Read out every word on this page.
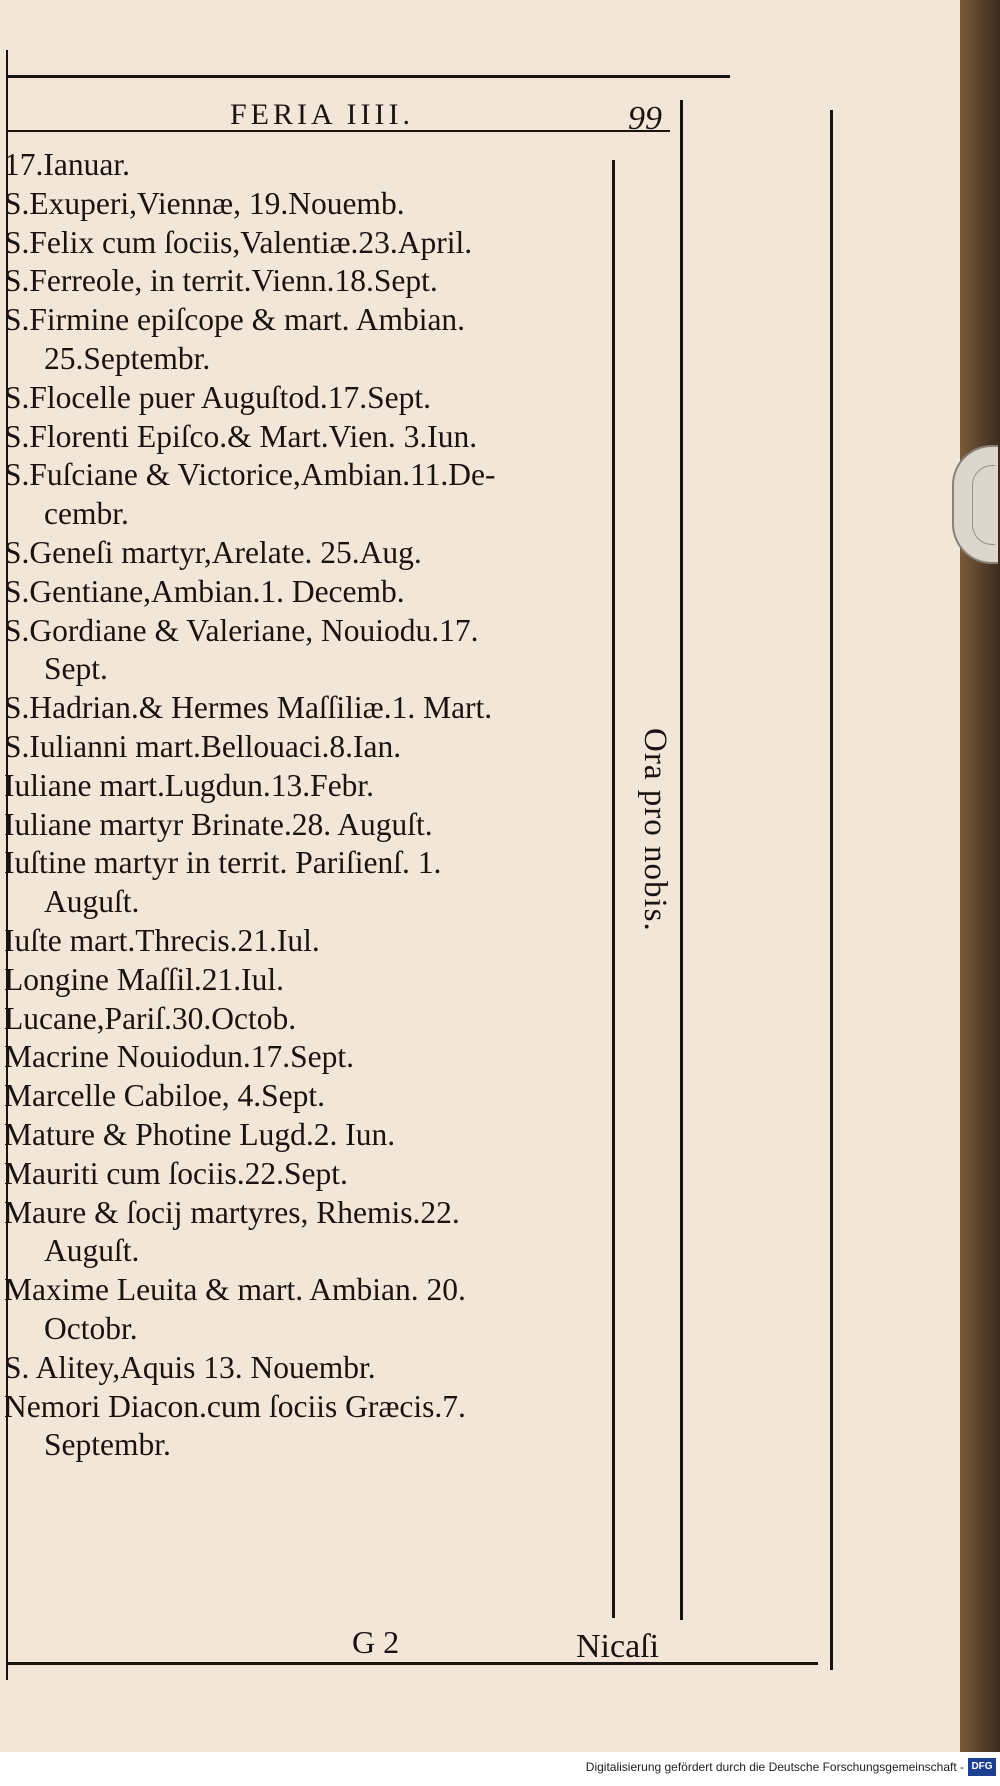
FERIA IIII.	99
17.Ianuar.
S.Exuperi,Viennæ, 19.Nouemb.
S.Felix cum ſociis,Valentiæ.23.April.
S.Ferreole, in territ.Vienn.18.Sept.
S.Firmine epiſcope & mart. Ambian.
25.Septembr.
S.Flocelle puer Auguſtod.17.Sept.
S.Florenti Epiſco.& Mart.Vien. 3.Iun.
S.Fuſciane & Victorice,Ambian.11.De-
cembr.
S.Geneſi martyr,Arelate. 25.Aug.
S.Gentiane,Ambian.1. Decemb.
S.Gordiane & Valeriane, Nouiodu.17.
Sept.
S.Hadrian.& Hermes Maſſiliæ.1. Mart.
S.Iulianni mart.Bellouaci.8.Ian.
Iuliane mart.Lugdun.13.Febr.
Iuliane martyr Brinate.28. Auguſt.
Iuſtine martyr in territ. Pariſienſ. 1.
Auguſt.
Iuſte mart.Threcis.21.Iul.
Longine Maſſil.21.Iul.
Lucane,Pariſ.30.Octob.
Macrine Nouiodun.17.Sept.
Marcelle Cabiloe, 4.Sept.
Mature & Photine Lugd.2. Iun.
Mauriti cum ſociis.22.Sept.
Maure & ſocij martyres, Rhemis.22.
Auguſt.
Maxime Leuita & mart. Ambian. 20.
Octobr.
S. Alitey,Aquis 13. Nouembr.
Nemori Diacon.cum ſociis Græcis.7.
Septembr.
Ora pro nobis.
G 2	Nicaſi
Digitalisierung gefördert durch die Deutsche Forschungsgemeinschaft - DFG
